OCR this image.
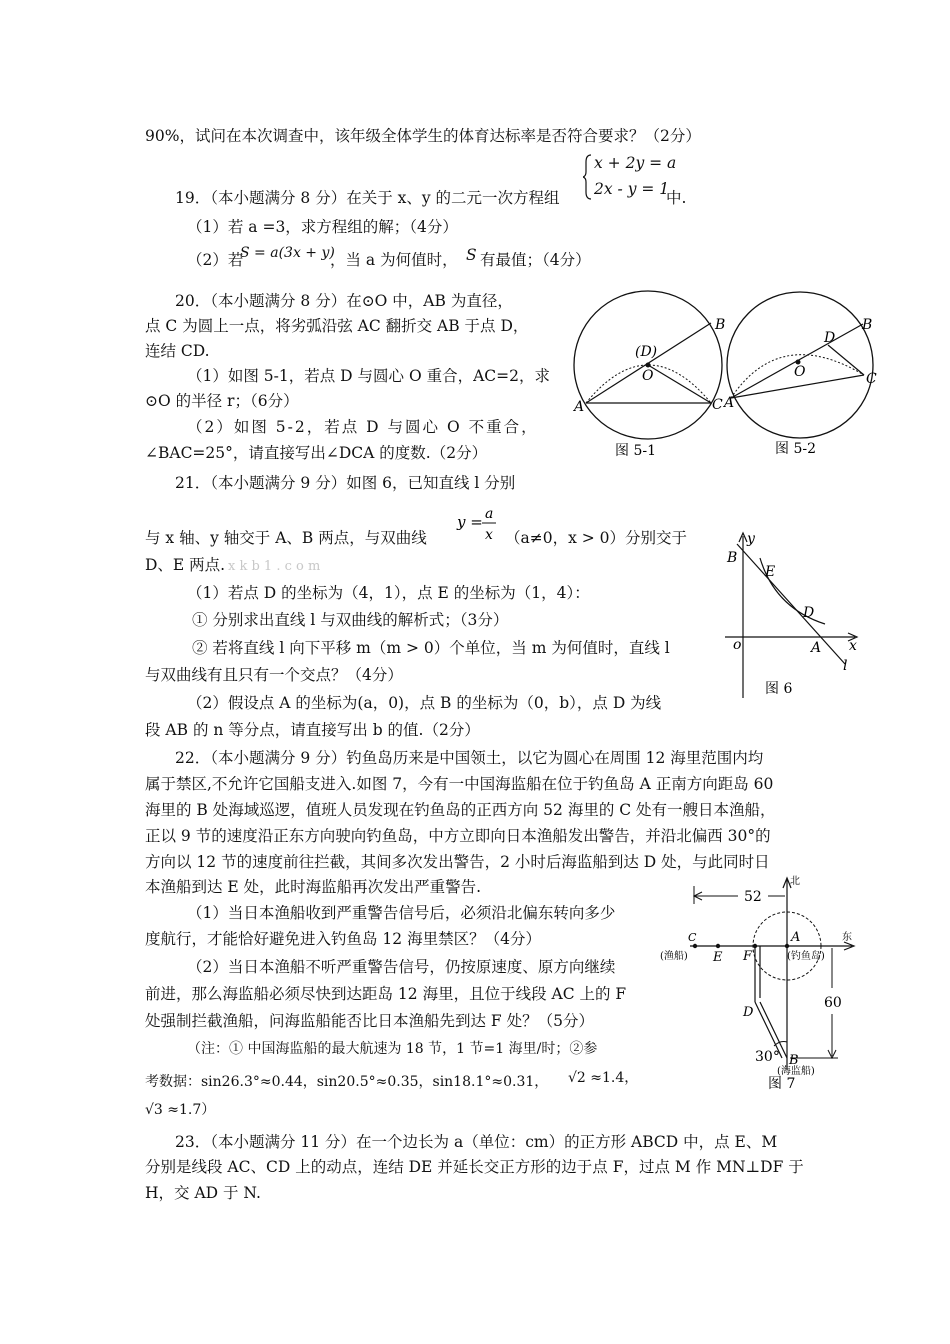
90%，试问在本次调查中，该年级全体学生的体育达标率是否符合要求？（2分）
19．（本小题满分 8 分）在关于 x、y 的二元一次方程组
x + 2y = a
2x - y = 1
中.
（1）若 a =3，求方程组的解；（4分）
（2）若
S = a(3x + y)
，当 a 为何值时， S 有最值；（4分）
20．（本小题满分 8 分）在⊙O 中，AB 为直径，
点 C 为圆上一点，将劣弧沿弦 AC 翻折交 AB 于点 D，
连结 CD.
（1）如图 5-1，若点 D 与圆心 O 重合，AC=2，求
⊙O 的半径 r；（6分）
（2）如图 5-2，若点 D 与圆心 O 不重合，
∠BAC=25°，请直接写出∠DCA 的度数.（2分）
21．（本小题满分 9 分）如图 6，已知直线 l 分别
y = a
x
与 x 轴、y 轴交于 A、B 两点，与双曲线	（a≠0，x > 0）分别交于
D、E 两点. x k b 1 . c o m
（1）若点 D 的坐标为（4，1），点 E 的坐标为（1，4）：
① 分别求出直线 l 与双曲线的解析式；（3分）
② 若将直线 l 向下平移 m（m > 0）个单位，当 m 为何值时，直线 l
与双曲线有且只有一个交点？（4分）
（2）假设点 A 的坐标为(a，0)，点 B 的坐标为（0，b），点 D 为线
段 AB 的 n 等分点，请直接写出 b 的值.（2分）
22．（本小题满分 9 分）钓鱼岛历来是中国领土，以它为圆心在周围 12 海里范围内均
属于禁区,不允许它国船支进入.如图 7，今有一中国海监船在位于钓鱼岛 A 正南方向距岛 60
海里的 B 处海域巡逻，值班人员发现在钓鱼岛的正西方向 52 海里的 C 处有一艘日本渔船，
正以 9 节的速度沿正东方向驶向钓鱼岛，中方立即向日本渔船发出警告，并沿北偏西 30°的
方向以 12 节的速度前往拦截，其间多次发出警告，2 小时后海监船到达 D 处，与此同时日
本渔船到达 E 处，此时海监船再次发出严重警告.
（1）当日本渔船收到严重警告信号后，必须沿北偏东转向多少
度航行，才能恰好避免进入钓鱼岛 12 海里禁区？（4分）
（2）当日本渔船不听严重警告信号，仍按原速度、原方向继续
前进，那么海监船必须尽快到达距岛 12 海里，且位于线段 AC 上的 F
处强制拦截渔船，问海监船能否比日本渔船先到达 F 处？（5分）
（注：① 中国海监船的最大航速为 18 节，1 节=1 海里/时；②参
考数据：sin26.3°≈0.44，sin20.5°≈0.35，sin18.1°≈0.31， √2 ≈1.4，
√3 ≈1.7）
23．（本小题满分 11 分）在一个边长为 a（单位：cm）的正方形 ABCD 中，点 E、M
分别是线段 AC、CD 上的动点，连结 DE 并延长交正方形的边于点 F，过点 M 作 MN⊥DF 于
H，交 AD 于 N.
A
B
C
O
(D)
图 5-1
A
B
C
O
D
图 5-2
y
x
o
B
E
D
A
l
图 6
北
东
52
60
30°
A
E F
D
B
C
(钓鱼岛)
(渔船)
(海监船)
图 7
